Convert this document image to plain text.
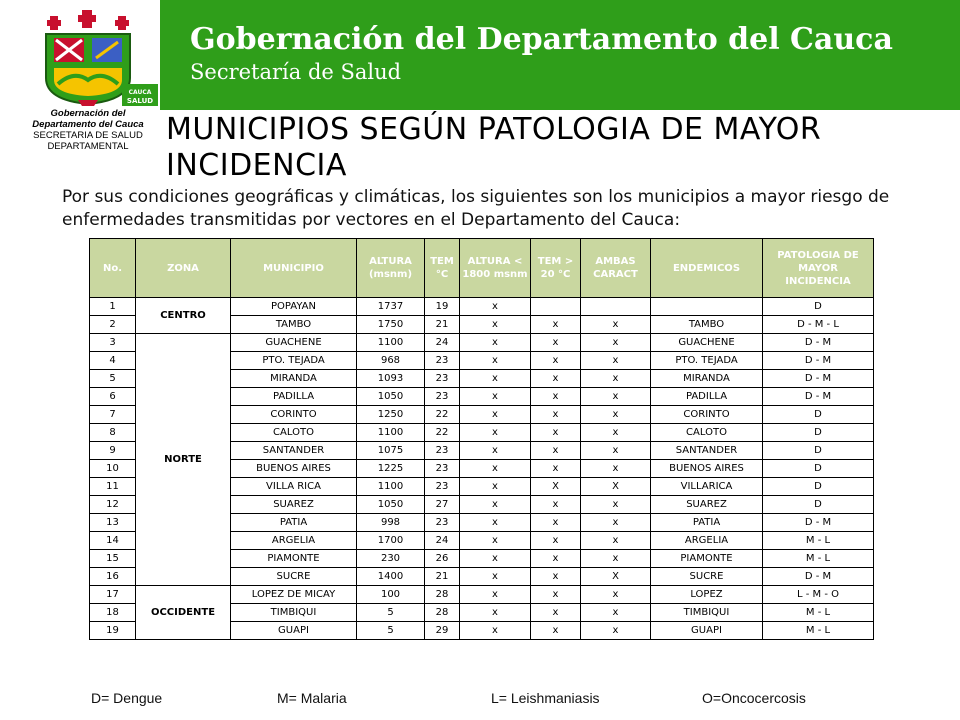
Gobernación del Departamento del Cauca
Secretaría de Salud
CAUCA
SALUD
Gobernación del
Departamento del Cauca
SECRETARIA DE SALUD
DEPARTAMENTAL	MUNICIPIOS SEGÚN PATOLOGIA DE MAYOR INCIDENCIA
Por sus condiciones geográficas y climáticas, los siguientes son los municipios a mayor riesgo de enfermedades transmitidas por vectores en el Departamento del Cauca:
No.	ZONA	MUNICIPIO	ALTURA (msnm)	TEM °C	ALTURA < 1800 msnm	TEM > 20 °C	AMBAS CARACT	ENDEMICOS	PATOLOGIA DE MAYOR INCIDENCIA
1	CENTRO	POPAYAN	1737	19	x				D
2		TAMBO	1750	21	x	x	x	TAMBO	D - M - L
3	NORTE	GUACHENE	1100	24	x	x	x	GUACHENE	D - M
4		PTO. TEJADA	968	23	x	x	x	PTO. TEJADA	D - M
5		MIRANDA	1093	23	x	x	x	MIRANDA	D - M
6		PADILLA	1050	23	x	x	x	PADILLA	D - M
7		CORINTO	1250	22	x	x	x	CORINTO	D
8		CALOTO	1100	22	x	x	x	CALOTO	D
9		SANTANDER	1075	23	x	x	x	SANTANDER	D
10		BUENOS AIRES	1225	23	x	x	x	BUENOS AIRES	D
11		VILLA RICA	1100	23	x	X	X	VILLARICA	D
12		SUAREZ	1050	27	x	x	x	SUAREZ	D
13		PATIA	998	23	x	x	x	PATIA	D - M
14		ARGELIA	1700	24	x	x	x	ARGELIA	M - L
15		PIAMONTE	230	26	x	x	x	PIAMONTE	M - L
16		SUCRE	1400	21	x	x	X	SUCRE	D - M
17	OCCIDENTE	LOPEZ DE MICAY	100	28	x	x	x	LOPEZ	L - M - O
18		TIMBIQUI	5	28	x	x	x	TIMBIQUI	M - L
19		GUAPI	5	29	x	x	x	GUAPI	M - L
D= Dengue	M= Malaria	L= Leishmaniasis	O=Oncocercosis
